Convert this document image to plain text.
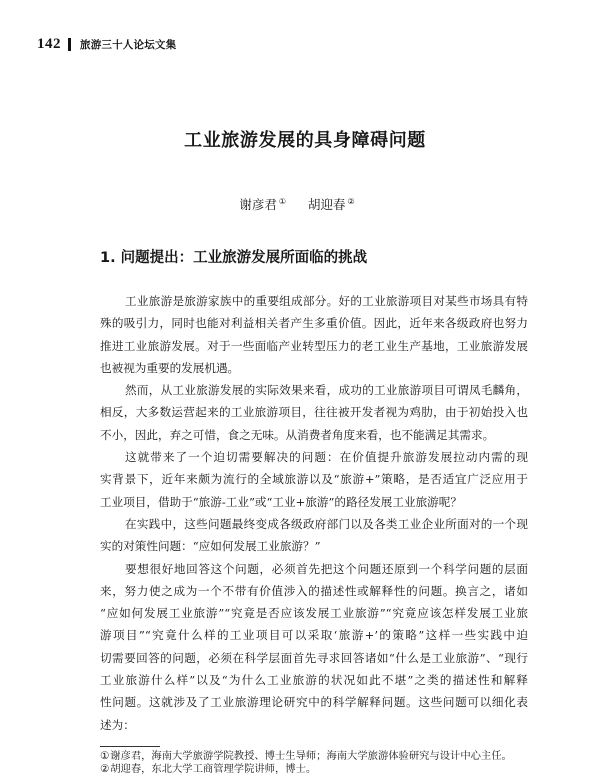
142 旅游三十人论坛文集
工业旅游发展的具身障碍问题
谢彦君 ① 胡迎春 ②
1. 问题提出：工业旅游发展所面临的挑战
工业旅游是旅游家族中的重要组成部分。好的工业旅游项目对某些市场具有特
殊的吸引力，同时也能对利益相关者产生多重价值。因此，近年来各级政府也努力
推进工业旅游发展。对于一些面临产业转型压力的老工业生产基地，工业旅游发展
也被视为重要的发展机遇。
然而，从工业旅游发展的实际效果来看，成功的工业旅游项目可谓凤毛麟角，
相反，大多数运营起来的工业旅游项目，往往被开发者视为鸡肋，由于初始投入也
不小，因此，弃之可惜，食之无味。从消费者角度来看，也不能满足其需求。
这就带来了一个迫切需要解决的问题：在价值提升旅游发展拉动内需的现
实背景下，近年来颇为流行的全域旅游以及“旅游+”策略，是否适宜广泛应用于
工业项目，借助于“旅游-工业”或“工业+旅游”的路径发展工业旅游呢？
在实践中，这些问题最终变成各级政府部门以及各类工业企业所面对的一个现
实的对策性问题：“应如何发展工业旅游？”
要想很好地回答这个问题，必须首先把这个问题还原到一个科学问题的层面
来，努力使之成为一个不带有价值涉入的描述性或解释性的问题。换言之，诸如
“应如何发展工业旅游”“究竟是否应该发展工业旅游”“究竟应该怎样发展工业旅
游项目”“究竟什么样的工业项目可以采取‘旅游+’的策略”这样一些实践中迫
切需要回答的问题，必须在科学层面首先寻求回答诸如“什么是工业旅游”、“现行
工业旅游什么样”以及“为什么工业旅游的状况如此不堪”之类的描述性和解释
性问题。这就涉及了工业旅游理论研究中的科学解释问题。这些问题可以细化表
述为：
①谢彦君，海南大学旅游学院教授、博士生导师；海南大学旅游体验研究与设计中心主任。
②胡迎春，东北大学工商管理学院讲师，博士。
